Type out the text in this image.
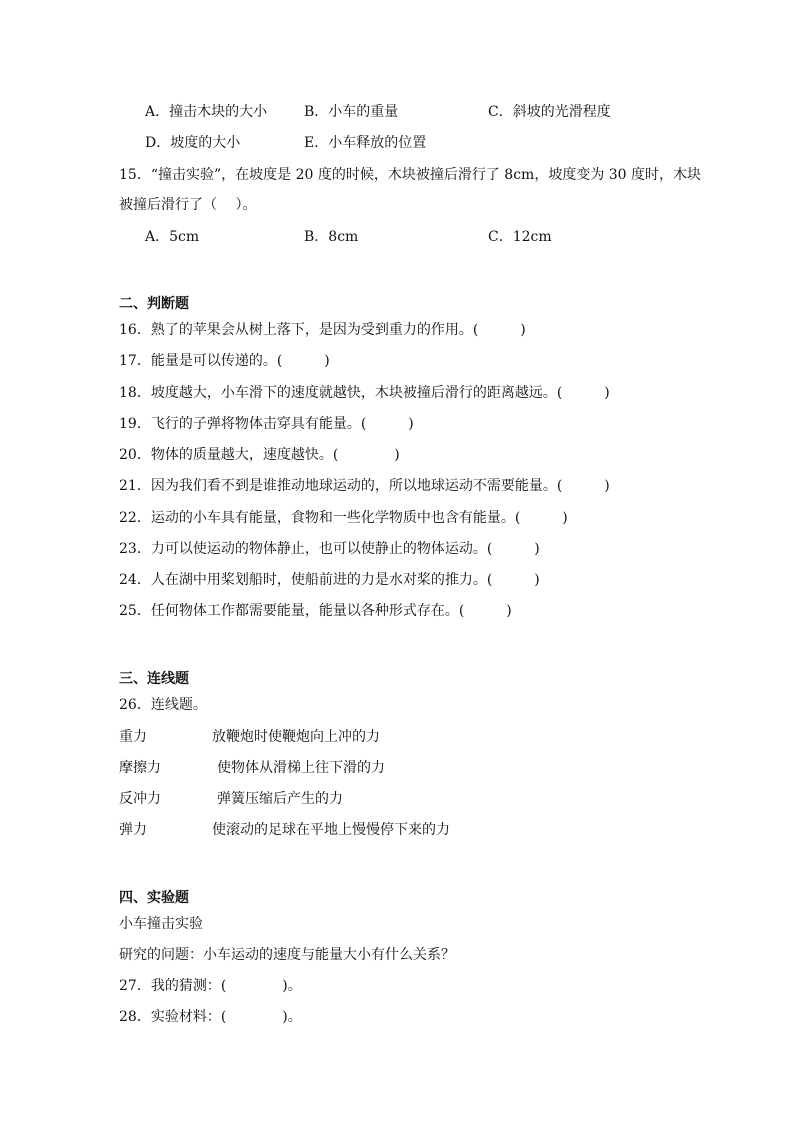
A．撞击木块的大小	B．小车的重量	C．斜坡的光滑程度
D．坡度的大小	E．小车释放的位置
15．“撞击实验”，在坡度是 20 度的时候，木块被撞后滑行了 8cm，坡度变为 30 度时，木块
被撞后滑行了（　 ）。
A．5cm	B．8cm	C．12cm
二、判断题
16．熟了的苹果会从树上落下，是因为受到重力的作用。(　　　)
17．能量是可以传递的。(　　　)
18．坡度越大，小车滑下的速度就越快，木块被撞后滑行的距离越远。(　　　)
19．飞行的子弹将物体击穿具有能量。(　　　)
20．物体的质量越大，速度越快。(　　　　)
21．因为我们看不到是谁推动地球运动的，所以地球运动不需要能量。(　　　)
22．运动的小车具有能量，食物和一些化学物质中也含有能量。(　　　)
23．力可以使运动的物体静止，也可以使静止的物体运动。(　　　)
24．人在湖中用桨划船时，使船前进的力是水对桨的推力。(　　　)
25．任何物体工作都需要能量，能量以各种形式存在。(　　　)
三、连线题
26．连线题。
重力	放鞭炮时使鞭炮向上冲的力
摩擦力	使物体从滑梯上往下滑的力
反冲力	弹簧压缩后产生的力
弹力	使滚动的足球在平地上慢慢停下来的力
四、实验题
小车撞击实验
研究的问题：小车运动的速度与能量大小有什么关系？
27．我的猜测：(　　　　)。
28．实验材料：(　　　　)。
